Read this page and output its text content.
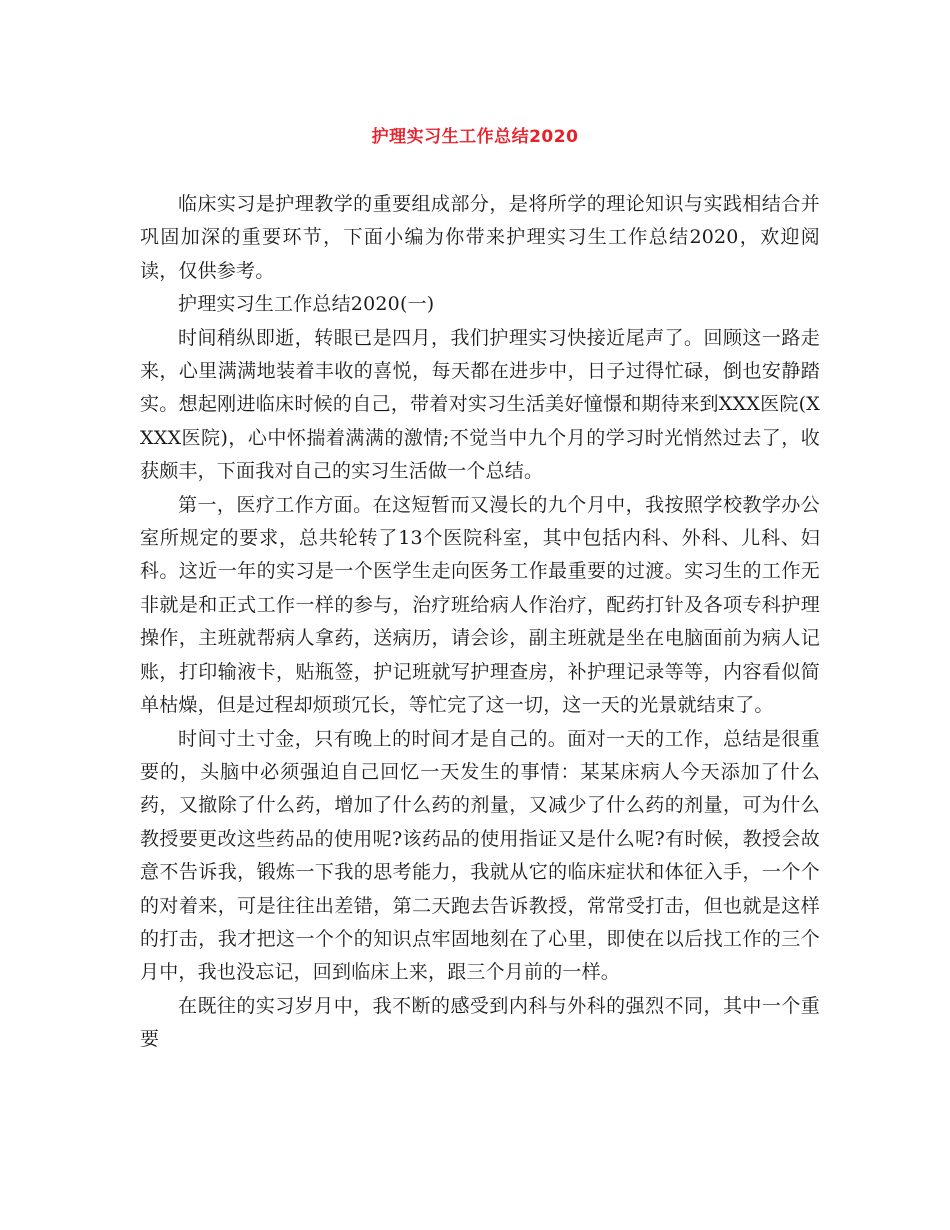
护理实习生工作总结2020

临床实习是护理教学的重要组成部分，是将所学的理论知识与实践相结合并巩固加深的重要环节，下面小编为你带来护理实习生工作总结2020，欢迎阅读，仅供参考。

护理实习生工作总结2020(一)

时间稍纵即逝，转眼已是四月，我们护理实习快接近尾声了。回顾这一路走来，心里满满地装着丰收的喜悦，每天都在进步中，日子过得忙碌，倒也安静踏实。想起刚进临床时候的自己，带着对实习生活美好憧憬和期待来到XXX医院(XXXX医院)，心中怀揣着满满的激情;不觉当中九个月的学习时光悄然过去了，收获颇丰，下面我对自己的实习生活做一个总结。

第一，医疗工作方面。在这短暂而又漫长的九个月中，我按照学校教学办公室所规定的要求，总共轮转了13个医院科室，其中包括内科、外科、儿科、妇科。这近一年的实习是一个医学生走向医务工作最重要的过渡。实习生的工作无非就是和正式工作一样的参与，治疗班给病人作治疗，配药打针及各项专科护理操作，主班就帮病人拿药，送病历，请会诊，副主班就是坐在电脑面前为病人记账，打印输液卡，贴瓶签，护记班就写护理查房，补护理记录等等，内容看似简单枯燥，但是过程却烦琐冗长，等忙完了这一切，这一天的光景就结束了。

时间寸土寸金，只有晚上的时间才是自己的。面对一天的工作，总结是很重要的，头脑中必须强迫自己回忆一天发生的事情：某某床病人今天添加了什么药，又撤除了什么药，增加了什么药的剂量，又减少了什么药的剂量，可为什么教授要更改这些药品的使用呢?该药品的使用指证又是什么呢?有时候，教授会故意不告诉我，锻炼一下我的思考能力，我就从它的临床症状和体征入手，一个个的对着来，可是往往出差错，第二天跑去告诉教授，常常受打击，但也就是这样的打击，我才把这一个个的知识点牢固地刻在了心里，即使在以后找工作的三个月中，我也没忘记，回到临床上来，跟三个月前的一样。

在既往的实习岁月中，我不断的感受到内科与外科的强烈不同，其中一个重要
